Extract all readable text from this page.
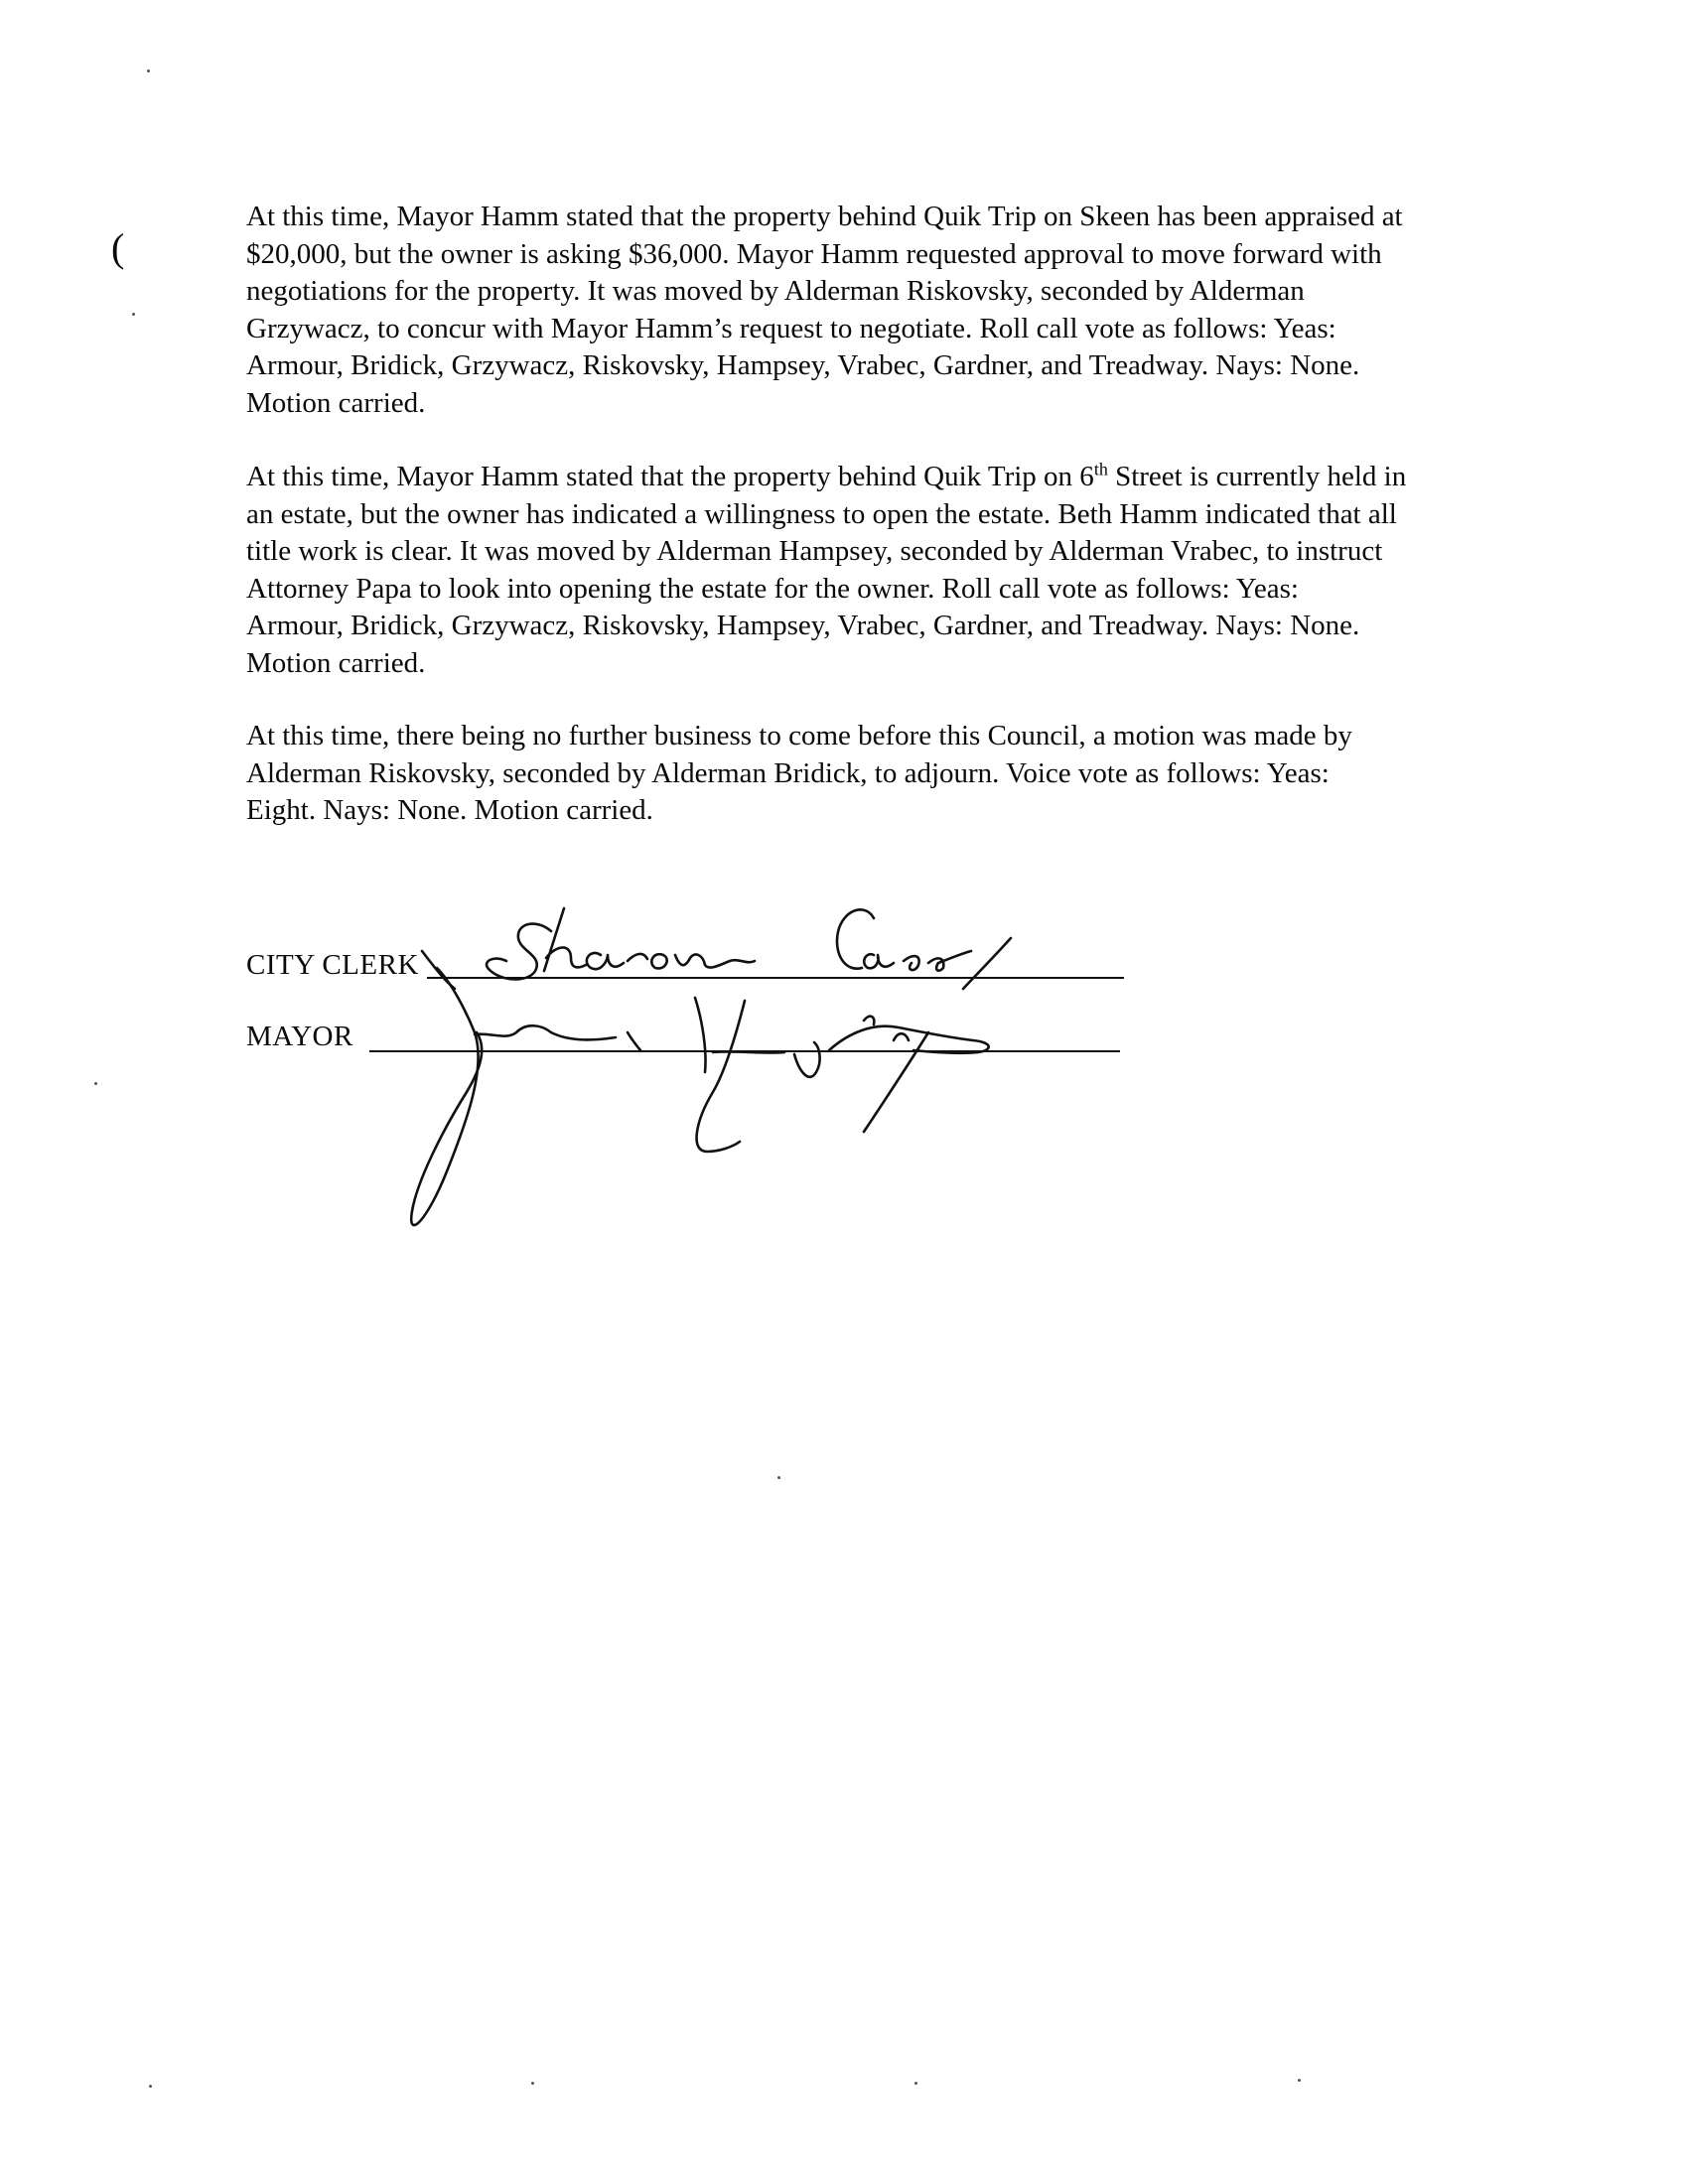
(

At this time, Mayor Hamm stated that the property behind Quik Trip on Skeen has been appraised at
$20,000, but the owner is asking $36,000. Mayor Hamm requested approval to move forward with
negotiations for the property. It was moved by Alderman Riskovsky, seconded by Alderman
Grzywacz, to concur with Mayor Hamm’s request to negotiate. Roll call vote as follows: Yeas:
Armour, Bridick, Grzywacz, Riskovsky, Hampsey, Vrabec, Gardner, and Treadway. Nays: None.
Motion carried.

At this time, Mayor Hamm stated that the property behind Quik Trip on 6th Street is currently held in
an estate, but the owner has indicated a willingness to open the estate. Beth Hamm indicated that all
title work is clear. It was moved by Alderman Hampsey, seconded by Alderman Vrabec, to instruct
Attorney Papa to look into opening the estate for the owner. Roll call vote as follows: Yeas:
Armour, Bridick, Grzywacz, Riskovsky, Hampsey, Vrabec, Gardner, and Treadway. Nays: None.
Motion carried.

At this time, there being no further business to come before this Council, a motion was made by
Alderman Riskovsky, seconded by Alderman Bridick, to adjourn. Voice vote as follows: Yeas:
Eight. Nays: None. Motion carried.

CITY CLERK
MAYOR
